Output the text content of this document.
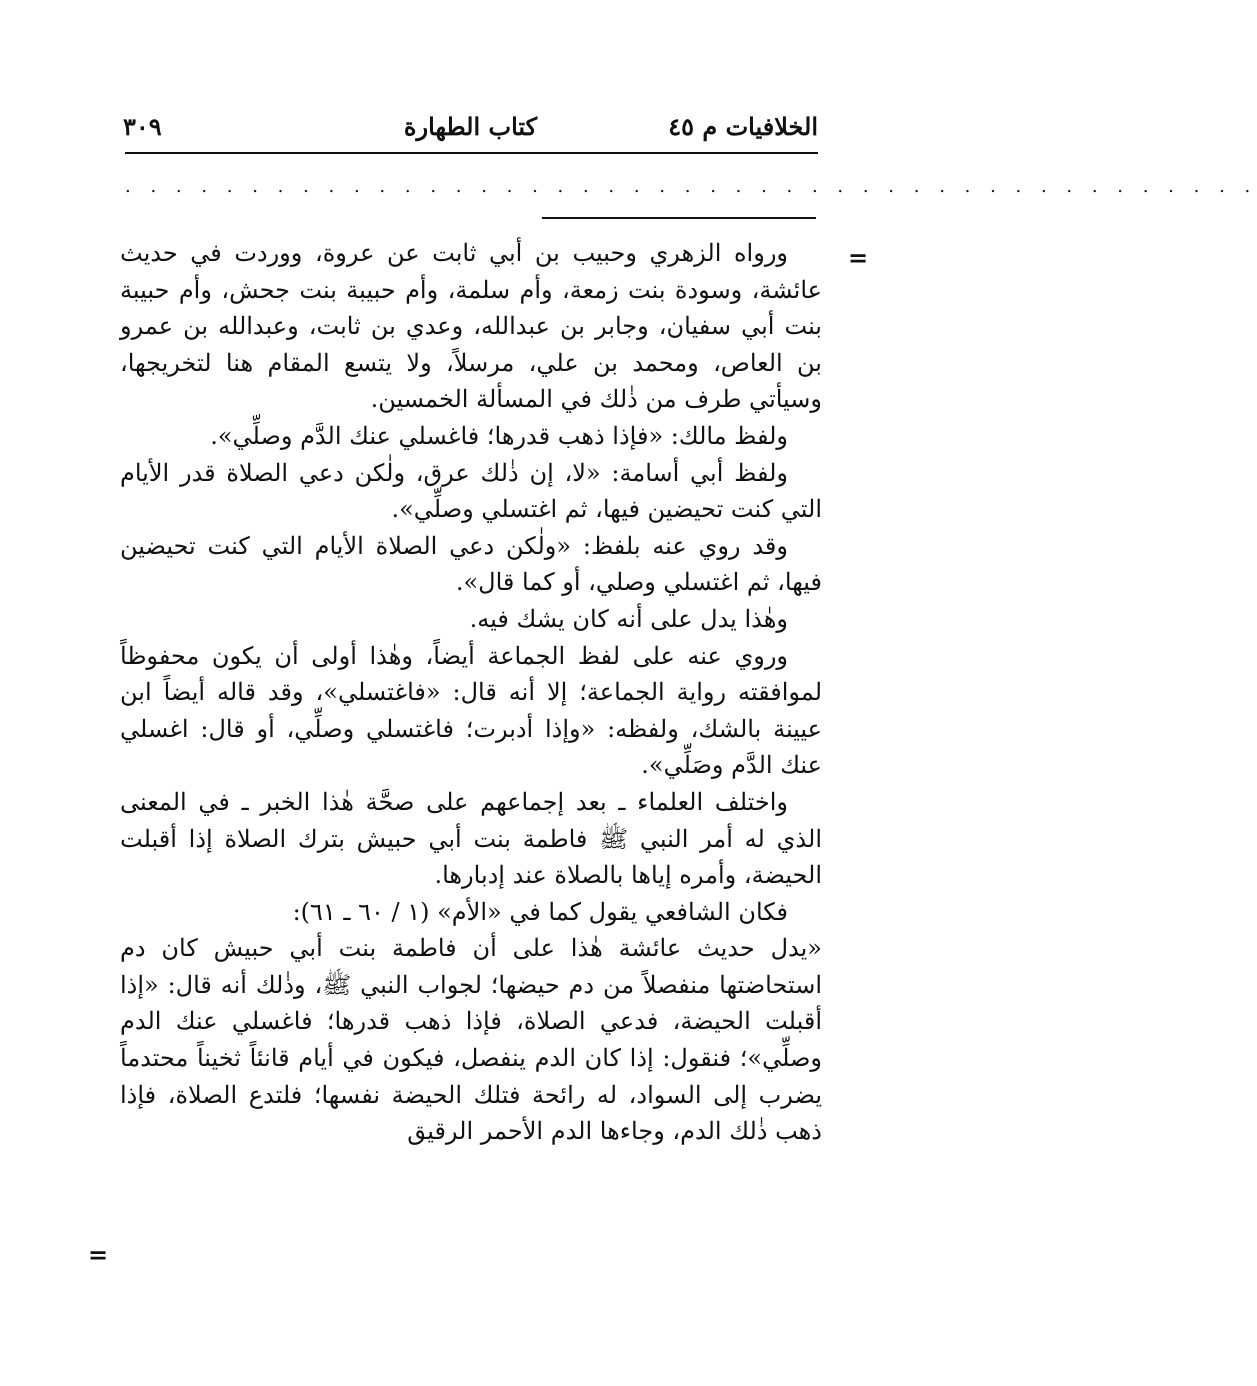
الخلافيات م ٤٥
كتاب الطهارة
٣٠٩
. . . . . . . . . . . . . . . . . . . . . . . . . . . . . . . . . . . . . . . . . . . . .
=
=

ورواه الزهري وحبيب بن أبي ثابت عن عروة، ووردت في حديث عائشة، وسودة بنت زمعة، وأم سلمة، وأم حبيبة بنت جحش، وأم حبيبة بنت أبي سفيان، وجابر بن عبدالله، وعدي بن ثابت، وعبدالله بن عمرو بن العاص، ومحمد بن علي، مرسلاً، ولا يتسع المقام هنا لتخريجها، وسيأتي طرف من ذٰلك في المسألة الخمسين.

ولفظ مالك: «فإذا ذهب قدرها؛ فاغسلي عنك الدَّم وصلِّي».

ولفظ أبي أسامة: «لا، إن ذٰلك عرق، ولٰكن دعي الصلاة قدر الأيام التي كنت تحيضين فيها، ثم اغتسلي وصلِّي».

وقد روي عنه بلفظ: «ولٰكن دعي الصلاة الأيام التي كنت تحيضين فيها، ثم اغتسلي وصلي، أو كما قال».

وهٰذا يدل على أنه كان يشك فيه.

وروي عنه على لفظ الجماعة أيضاً، وهٰذا أولى أن يكون محفوظاً لموافقته رواية الجماعة؛ إلا أنه قال: «فاغتسلي»، وقد قاله أيضاً ابن عيينة بالشك، ولفظه: «وإذا أدبرت؛ فاغتسلي وصلِّي، أو قال: اغسلي عنك الدَّم وصَلِّي».

واختلف العلماء ـ بعد إجماعهم على صحَّة هٰذا الخبر ـ في المعنى الذي له أمر النبي ﷺ فاطمة بنت أبي حبيش بترك الصلاة إذا أقبلت الحيضة، وأمره إياها بالصلاة عند إدبارها.

فكان الشافعي يقول كما في «الأم» (١ / ٦٠ ـ ٦١):

«يدل حديث عائشة هٰذا على أن فاطمة بنت أبي حبيش كان دم استحاضتها منفصلاً من دم حيضها؛ لجواب النبي ﷺ، وذٰلك أنه قال: «إذا أقبلت الحيضة، فدعي الصلاة، فإذا ذهب قدرها؛ فاغسلي عنك الدم وصلِّي»؛ فنقول: إذا كان الدم ينفصل، فيكون في أيام قانئاً ثخيناً محتدماً يضرب إلى السواد، له رائحة فتلك الحيضة نفسها؛ فلتدع الصلاة، فإذا ذهب ذٰلك الدم، وجاءها الدم الأحمر الرقيق
